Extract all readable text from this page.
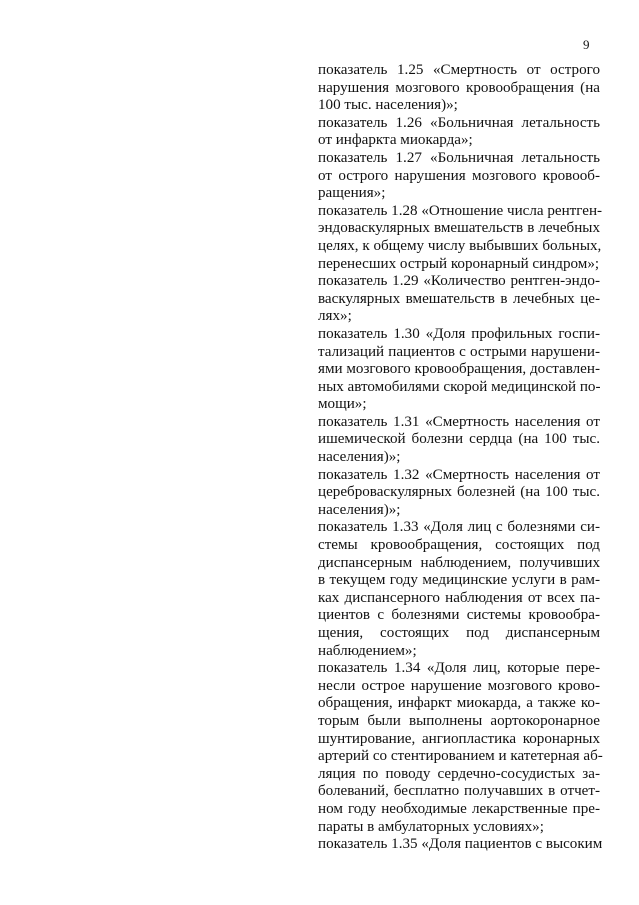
9

показатель 1.25 «Смертность от острого
нарушения мозгового кровообращения (на
100 тыс. населения)»;

показатель 1.26 «Больничная летальность
от инфаркта миокарда»;

показатель 1.27 «Больничная летальность
от острого нарушения мозгового кровооб-
ращения»;

показатель 1.28 «Отношение числа рентген-
эндоваскулярных вмешательств в лечебных
целях, к общему числу выбывших больных,
перенесших острый коронарный синдром»;

показатель 1.29 «Количество рентген-эндо-
васкулярных вмешательств в лечебных це-
лях»;

показатель 1.30 «Доля профильных госпи-
тализаций пациентов с острыми нарушени-
ями мозгового кровообращения, доставлен-
ных автомобилями скорой медицинской по-
мощи»;

показатель 1.31 «Смертность населения от
ишемической болезни сердца (на 100 тыс.
населения)»;

показатель 1.32 «Смертность населения от
цереброваскулярных болезней (на 100 тыс.
населения)»;

показатель 1.33 «Доля лиц с болезнями си-
стемы кровообращения, состоящих под
диспансерным наблюдением, получивших
в текущем году медицинские услуги в рам-
ках диспансерного наблюдения от всех па-
циентов с болезнями системы кровообра-
щения, состоящих под диспансерным
наблюдением»;

показатель 1.34 «Доля лиц, которые пере-
несли острое нарушение мозгового крово-
обращения, инфаркт миокарда, а также ко-
торым были выполнены аортокоронарное
шунтирование, ангиопластика коронарных
артерий со стентированием и катетерная аб-
ляция по поводу сердечно-сосудистых за-
болеваний, бесплатно получавших в отчет-
ном году необходимые лекарственные пре-
параты в амбулаторных условиях»;

показатель 1.35 «Доля пациентов с высоким
